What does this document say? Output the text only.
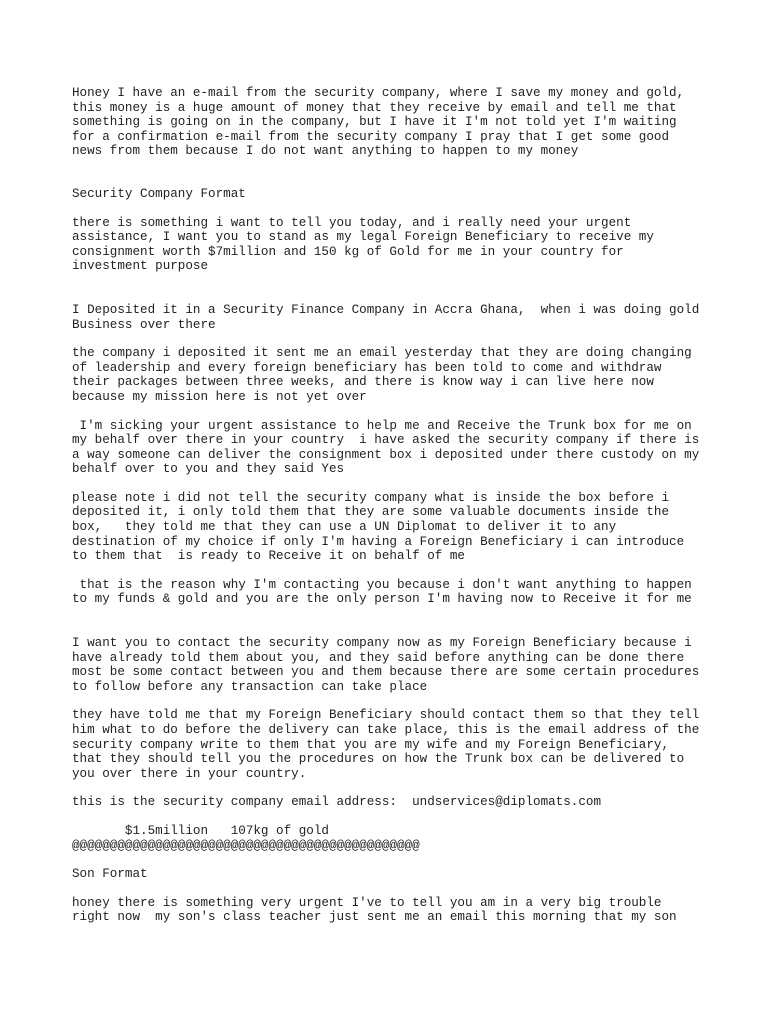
Honey I have an e-mail from the security company, where I save my money and gold,
this money is a huge amount of money that they receive by email and tell me that
something is going on in the company, but I have it I'm not told yet I'm waiting
for a confirmation e-mail from the security company I pray that I get some good
news from them because I do not want anything to happen to my money

Security Company Format

there is something i want to tell you today, and i really need your urgent
assistance, I want you to stand as my legal Foreign Beneficiary to receive my
consignment worth $7million and 150 kg of Gold for me in your country for
investment purpose

I Deposited it in a Security Finance Company in Accra Ghana,  when i was doing gold
Business over there

the company i deposited it sent me an email yesterday that they are doing changing
of leadership and every foreign beneficiary has been told to come and withdraw
their packages between three weeks, and there is know way i can live here now
because my mission here is not yet over

I'm sicking your urgent assistance to help me and Receive the Trunk box for me on
my behalf over there in your country  i have asked the security company if there is
a way someone can deliver the consignment box i deposited under there custody on my
behalf over to you and they said Yes

please note i did not tell the security company what is inside the box before i
deposited it, i only told them that they are some valuable documents inside the
box,   they told me that they can use a UN Diplomat to deliver it to any
destination of my choice if only I'm having a Foreign Beneficiary i can introduce
to them that  is ready to Receive it on behalf of me

that is the reason why I'm contacting you because i don't want anything to happen
to my funds & gold and you are the only person I'm having now to Receive it for me

I want you to contact the security company now as my Foreign Beneficiary because i
have already told them about you, and they said before anything can be done there
most be some contact between you and them because there are some certain procedures
to follow before any transaction can take place

they have told me that my Foreign Beneficiary should contact them so that they tell
him what to do before the delivery can take place, this is the email address of the
security company write to them that you are my wife and my Foreign Beneficiary,
that they should tell you the procedures on how the Trunk box can be delivered to
you over there in your country.

this is the security company email address:  undservices@diplomats.com

$1.5million   107kg of gold
@@@@@@@@@@@@@@@@@@@@@@@@@@@@@@@@@@@@@@@@@@@@@@

Son Format

honey there is something very urgent I've to tell you am in a very big trouble
right now  my son's class teacher just sent me an email this morning that my son
